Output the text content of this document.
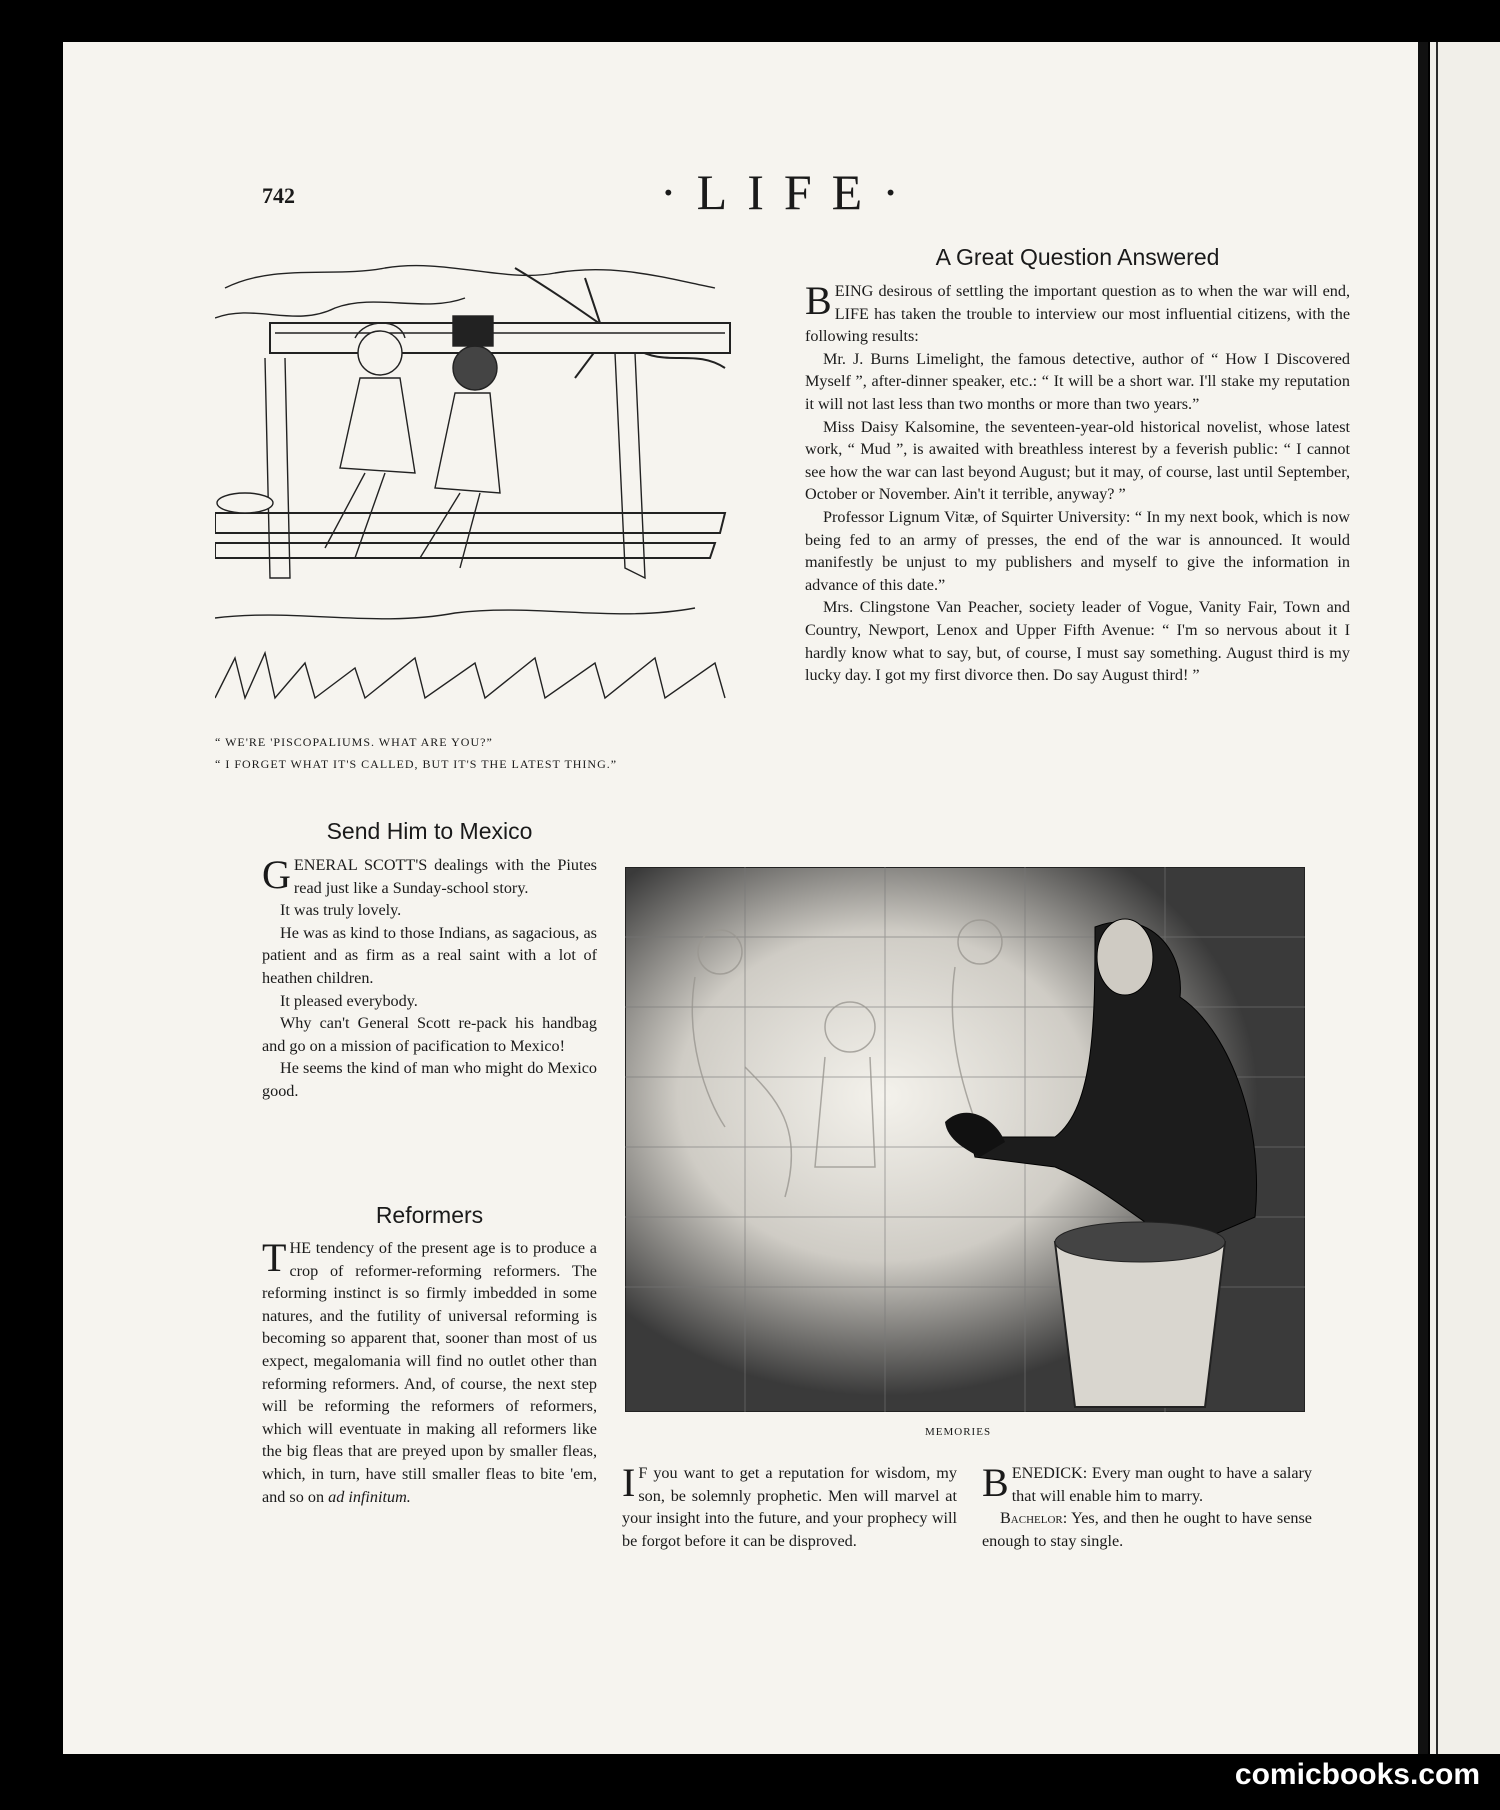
742	·LIFE·
“ WE'RE 'PISCOPALIUMS. WHAT ARE YOU?”
“ I FORGET WHAT IT'S CALLED, BUT IT'S THE LATEST THING.”
A Great Question Answered

BEING desirous of settling the important question as to when the war will end, LIFE has taken the trouble to interview our most influential citizens, with the following results:

Mr. J. Burns Limelight, the famous detective, author of “ How I Discovered Myself ”, after-dinner speaker, etc.: “ It will be a short war. I'll stake my reputation it will not last less than two months or more than two years.”

Miss Daisy Kalsomine, the seventeen-year-old historical novelist, whose latest work, “ Mud ”, is awaited with breathless interest by a feverish public: “ I cannot see how the war can last beyond August; but it may, of course, last until September, October or November. Ain't it terrible, anyway? ”

Professor Lignum Vitæ, of Squirter University: “ In my next book, which is now being fed to an army of presses, the end of the war is announced. It would manifestly be unjust to my publishers and myself to give the information in advance of this date.”

Mrs. Clingstone Van Peacher, society leader of Vogue, Vanity Fair, Town and Country, Newport, Lenox and Upper Fifth Avenue: “ I'm so nervous about it I hardly know what to say, but, of course, I must say something. August third is my lucky day. I got my first divorce then. Do say August third! ”

Send Him to Mexico

GENERAL SCOTT'S dealings with the Piutes read just like a Sunday-school story.

It was truly lovely.

He was as kind to those Indians, as sagacious, as patient and as firm as a real saint with a lot of heathen children.

It pleased everybody.

Why can't General Scott re-pack his handbag and go on a mission of pacification to Mexico!

He seems the kind of man who might do Mexico good.

Reformers

THE tendency of the present age is to produce a crop of reformer-reforming reformers. The reforming instinct is so firmly imbedded in some natures, and the futility of universal reforming is becoming so apparent that, sooner than most of us expect, megalomania will find no outlet other than reforming reformers. And, of course, the next step will be reforming the reformers of reformers, which will eventuate in making all reformers like the big fleas that are preyed upon by smaller fleas, which, in turn, have still smaller fleas to bite 'em, and so on ad infinitum.

MEMORIES

I F you want to get a reputation for wisdom, my son, be solemnly prophetic. Men will marvel at your insight into the future, and your prophecy will be forgot before it can be disproved.

BENEDICK: Every man ought to have a salary that will enable him to marry.

Bachelor: Yes, and then he ought to have sense enough to stay single.

comicbooks.com
